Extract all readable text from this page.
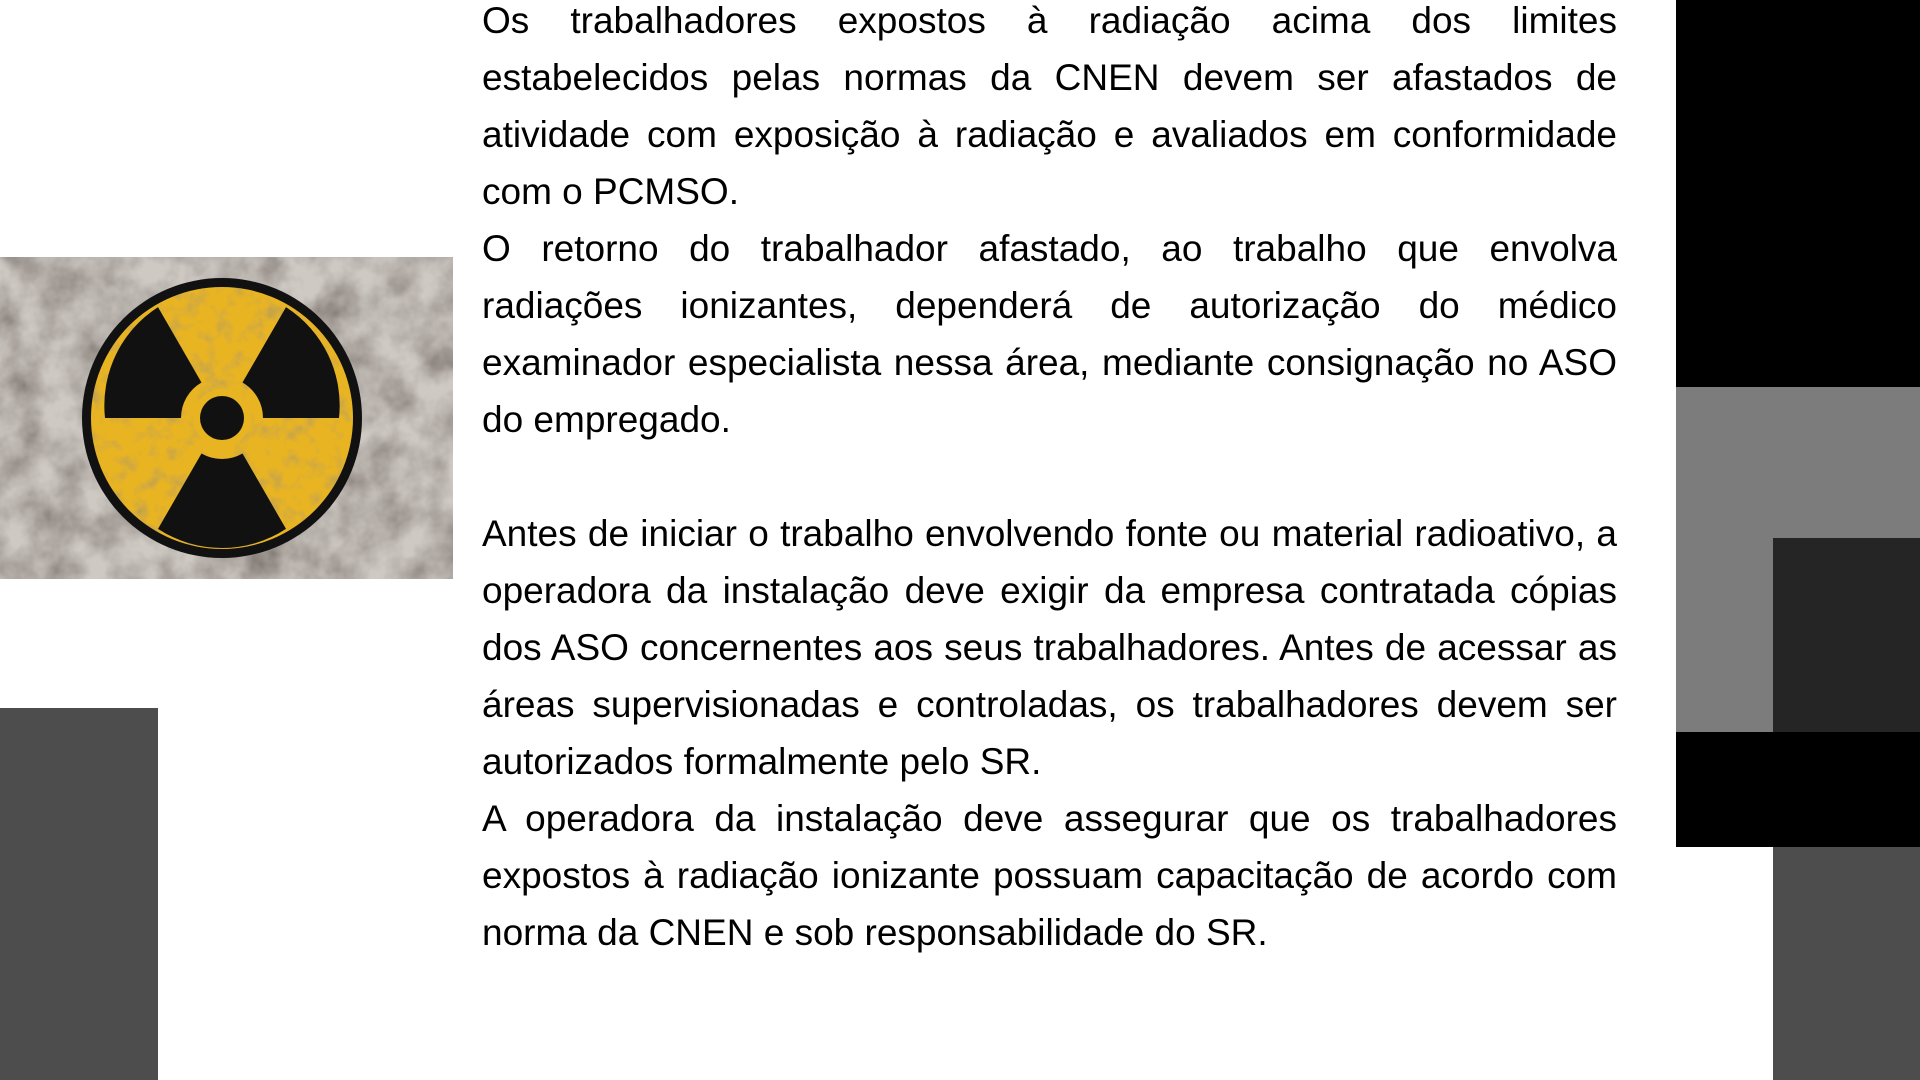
Os trabalhadores expostos à radiação acima dos limites estabelecidos pelas normas da CNEN devem ser afastados de atividade com exposição à radiação e avaliados em conformidade com o PCMSO.

O retorno do trabalhador afastado, ao trabalho que envolva radiações ionizantes, dependerá de autorização do médico examinador especialista nessa área, mediante consignação no ASO do empregado.

Antes de iniciar o trabalho envolvendo fonte ou material radioativo, a operadora da instalação deve exigir da empresa contratada cópias dos ASO concernentes aos seus trabalhadores. Antes de acessar as áreas supervisionadas e controladas, os trabalhadores devem ser autorizados formalmente pelo SR.

A operadora da instalação deve assegurar que os trabalhadores expostos à radiação ionizante possuam capacitação de acordo com norma da CNEN e sob responsabilidade do SR.
